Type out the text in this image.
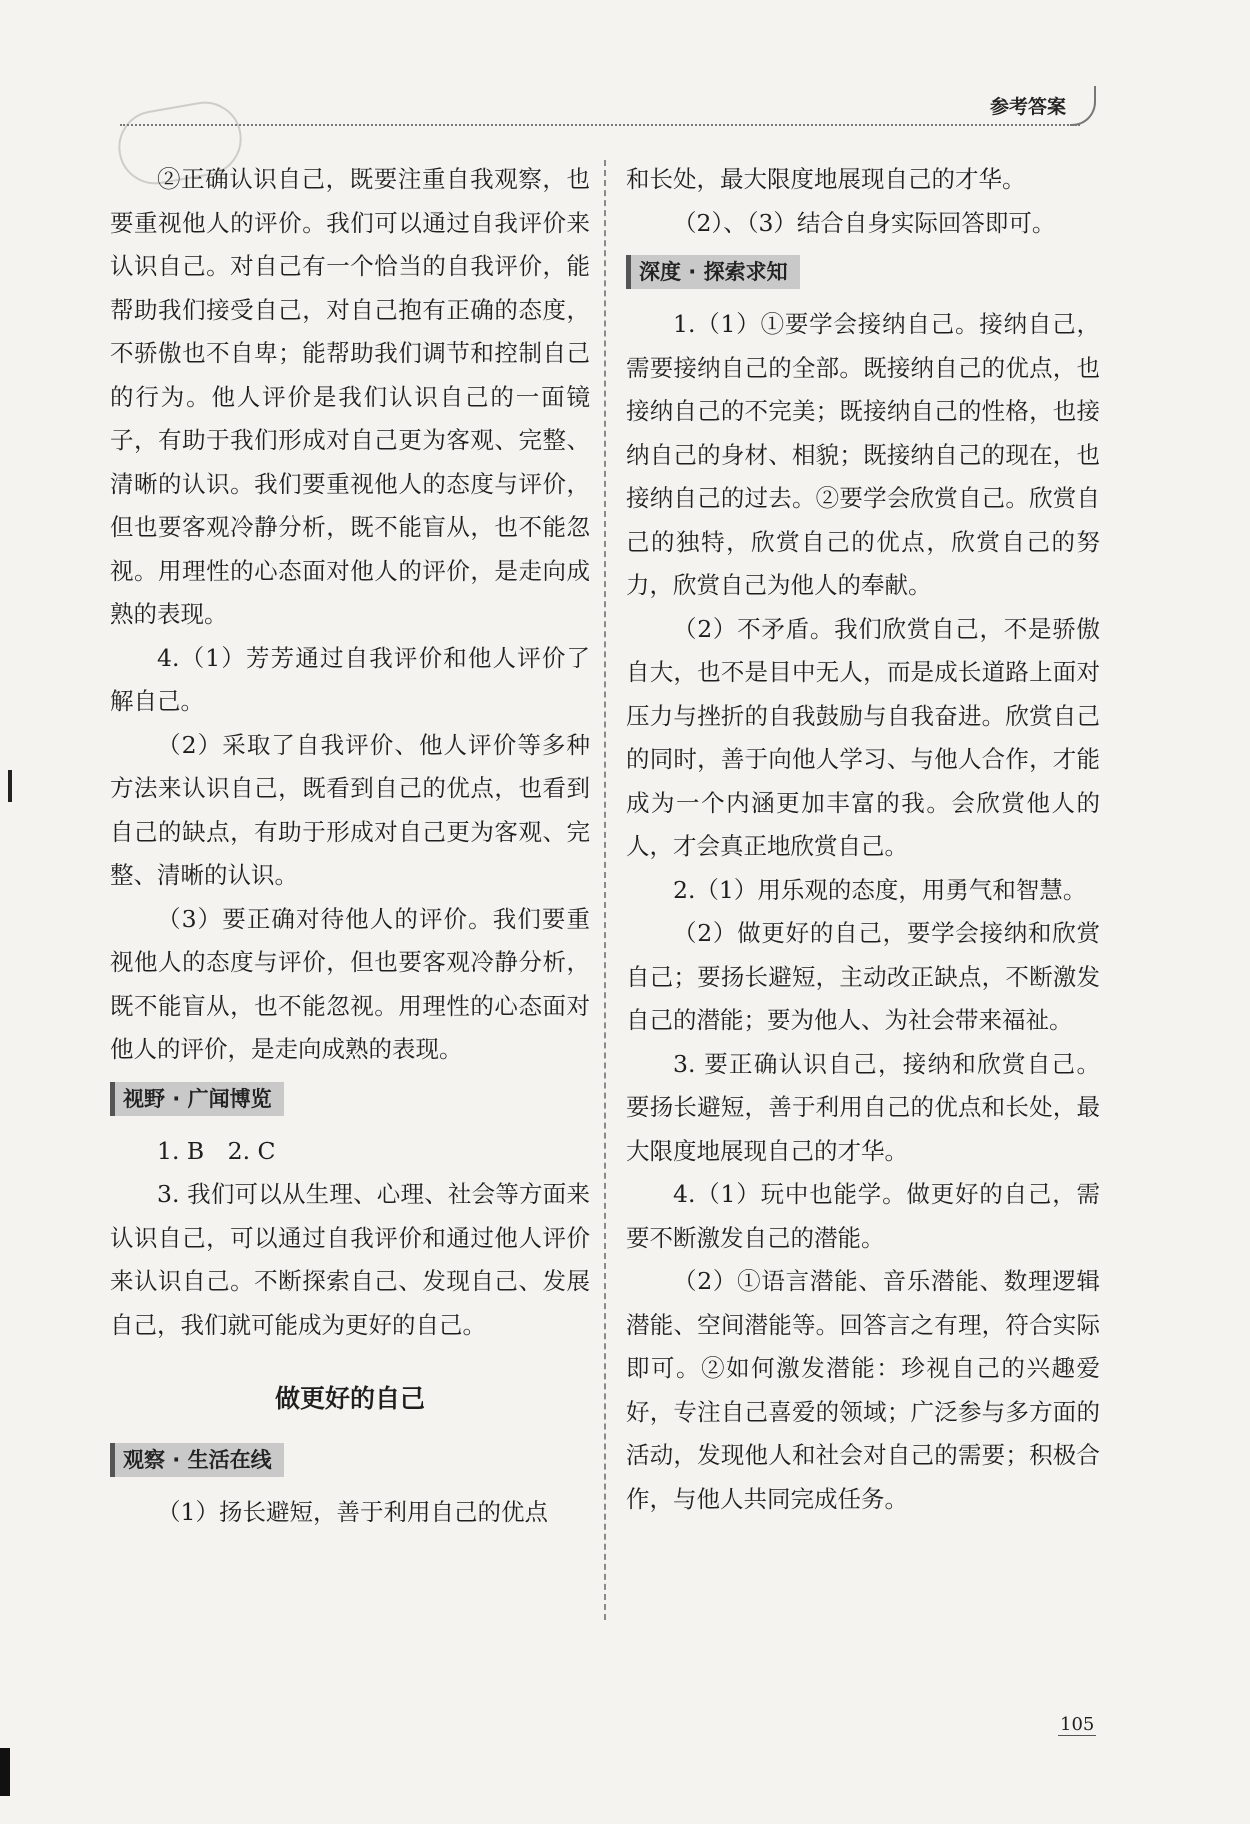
参考答案

②正确认识自己，既要注重自我观察，也要重视他人的评价。我们可以通过自我评价来认识自己。对自己有一个恰当的自我评价，能帮助我们接受自己，对自己抱有正确的态度，不骄傲也不自卑；能帮助我们调节和控制自己的行为。他人评价是我们认识自己的一面镜子，有助于我们形成对自己更为客观、完整、清晰的认识。我们要重视他人的态度与评价，但也要客观冷静分析，既不能盲从，也不能忽视。用理性的心态面对他人的评价，是走向成熟的表现。

4.（1）芳芳通过自我评价和他人评价了解自己。

（2）采取了自我评价、他人评价等多种方法来认识自己，既看到自己的优点，也看到自己的缺点，有助于形成对自己更为客观、完整、清晰的认识。

（3）要正确对待他人的评价。我们要重视他人的态度与评价，但也要客观冷静分析，既不能盲从，也不能忽视。用理性的心态面对他人的评价，是走向成熟的表现。

视野 · 广闻博览

1. B　2. C

3. 我们可以从生理、心理、社会等方面来认识自己，可以通过自我评价和通过他人评价来认识自己。不断探索自己、发现自己、发展自己，我们就可能成为更好的自己。

做更好的自己
观察 · 生活在线

（1）扬长避短，善于利用自己的优点

和长处，最大限度地展现自己的才华。

（2）、（3）结合自身实际回答即可。

深度 · 探索求知

1.（1）①要学会接纳自己。接纳自己，需要接纳自己的全部。既接纳自己的优点，也接纳自己的不完美；既接纳自己的性格，也接纳自己的身材、相貌；既接纳自己的现在，也接纳自己的过去。②要学会欣赏自己。欣赏自己的独特，欣赏自己的优点，欣赏自己的努力，欣赏自己为他人的奉献。

（2）不矛盾。我们欣赏自己，不是骄傲自大，也不是目中无人，而是成长道路上面对压力与挫折的自我鼓励与自我奋进。欣赏自己的同时，善于向他人学习、与他人合作，才能成为一个内涵更加丰富的我。会欣赏他人的人，才会真正地欣赏自己。

2.（1）用乐观的态度，用勇气和智慧。

（2）做更好的自己，要学会接纳和欣赏自己；要扬长避短，主动改正缺点，不断激发自己的潜能；要为他人、为社会带来福祉。

3. 要正确认识自己，接纳和欣赏自己。要扬长避短，善于利用自己的优点和长处，最大限度地展现自己的才华。

4.（1）玩中也能学。做更好的自己，需要不断激发自己的潜能。

（2）①语言潜能、音乐潜能、数理逻辑潜能、空间潜能等。回答言之有理，符合实际即可。②如何激发潜能：珍视自己的兴趣爱好，专注自己喜爱的领域；广泛参与多方面的活动，发现他人和社会对自己的需要；积极合作，与他人共同完成任务。

105
